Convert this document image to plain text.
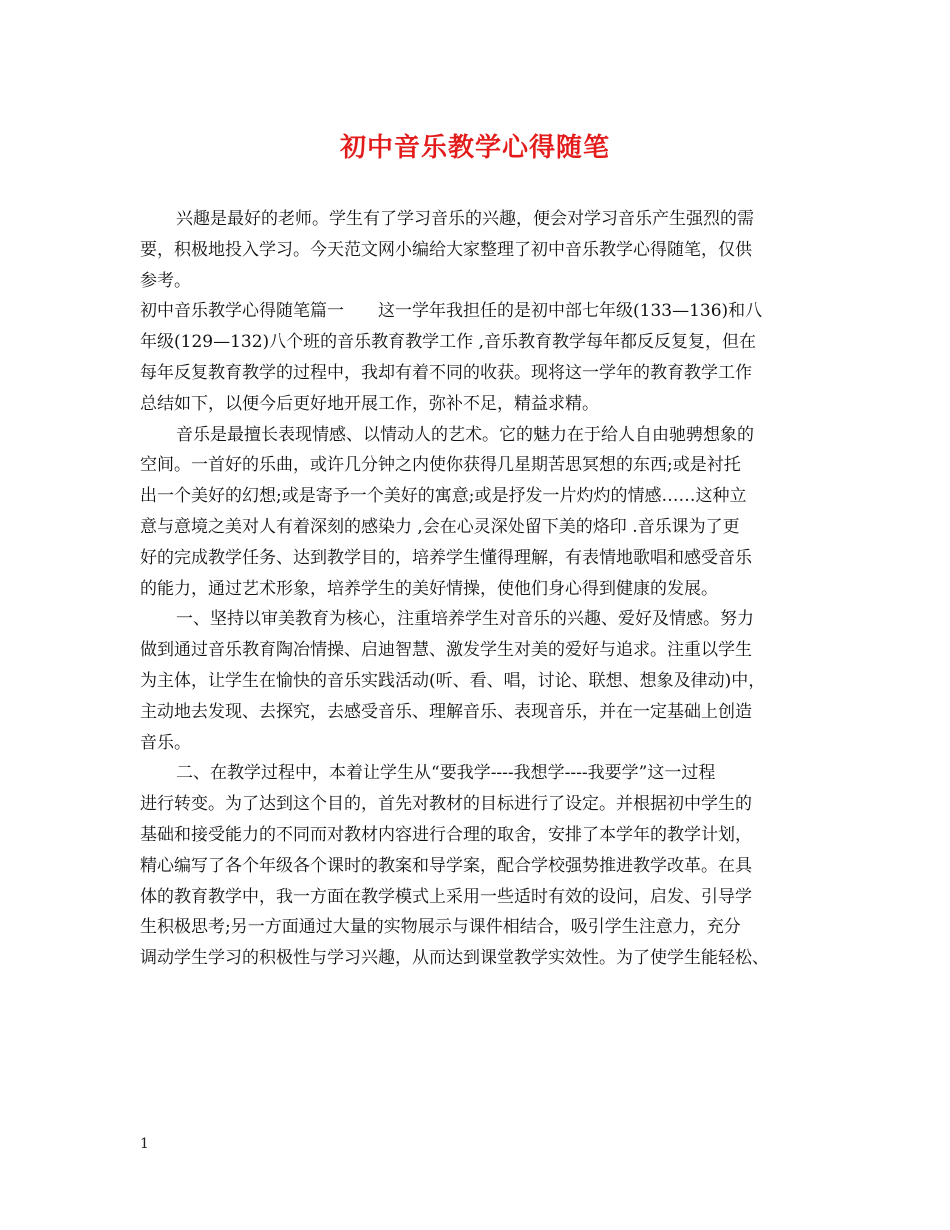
初中音乐教学心得随笔
兴趣是最好的老师。学生有了学习音乐的兴趣，便会对学习音乐产生强烈的需
要，积极地投入学习。今天范文网小编给大家整理了初中音乐教学心得随笔，仅供
参考。
初中音乐教学心得随笔篇一　　这一学年我担任的是初中部七年级(133—136)和八
年级(129—132)八个班的音乐教育教学工作 ,音乐教育教学每年都反反复复，但在
每年反复教育教学的过程中，我却有着不同的收获。现将这一学年的教育教学工作
总结如下，以便今后更好地开展工作，弥补不足，精益求精。
音乐是最擅长表现情感、以情动人的艺术。它的魅力在于给人自由驰骋想象的
空间。一首好的乐曲，或许几分钟之内使你获得几星期苦思冥想的东西;或是衬托
出一个美好的幻想;或是寄予一个美好的寓意;或是抒发一片灼灼的情感……这种立
意与意境之美对人有着深刻的感染力 ,会在心灵深处留下美的烙印 .音乐课为了更
好的完成教学任务、达到教学目的，培养学生懂得理解，有表情地歌唱和感受音乐
的能力，通过艺术形象，培养学生的美好情操，使他们身心得到健康的发展。
一、坚持以审美教育为核心，注重培养学生对音乐的兴趣、爱好及情感。努力
做到通过音乐教育陶冶情操、启迪智慧、激发学生对美的爱好与追求。注重以学生
为主体，让学生在愉快的音乐实践活动(听、看、唱，讨论、联想、想象及律动)中，
主动地去发现、去探究，去感受音乐、理解音乐、表现音乐，并在一定基础上创造
音乐。
二、在教学过程中，本着让学生从“要我学----我想学----我要学”这一过程
进行转变。为了达到这个目的，首先对教材的目标进行了设定。并根据初中学生的
基础和接受能力的不同而对教材内容进行合理的取舍，安排了本学年的教学计划，
精心编写了各个年级各个课时的教案和导学案，配合学校强势推进教学改革。在具
体的教育教学中，我一方面在教学模式上采用一些适时有效的设问，启发、引导学
生积极思考;另一方面通过大量的实物展示与课件相结合，吸引学生注意力，充分
调动学生学习的积极性与学习兴趣，从而达到课堂教学实效性。为了使学生能轻松、
1
